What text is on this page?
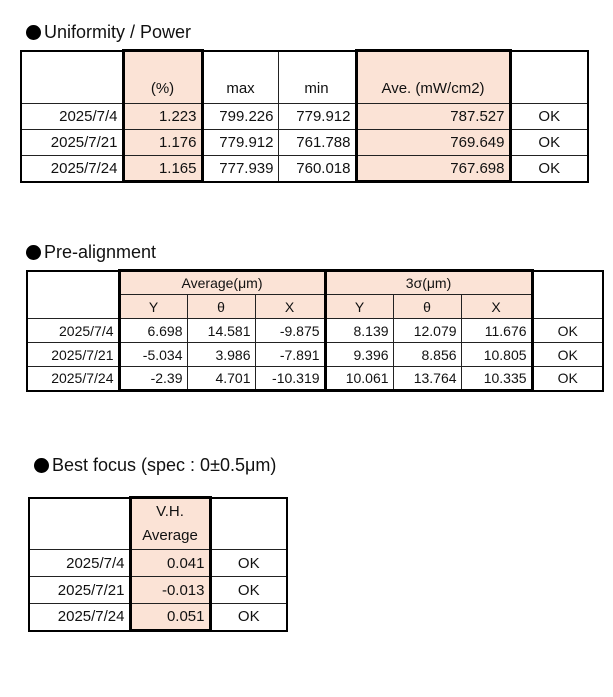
Uniformity / Power
	(%)	max	min	Ave. (mW/cm2)	
2025/7/4	1.223	799.226	779.912	787.527	OK
2025/7/21	1.176	779.912	761.788	769.649	OK
2025/7/24	1.165	777.939	760.018	767.698	OK
Pre-alignment
	Average(μm)			3σ(μm)			
	Y	θ	X	Y	θ	X	
2025/7/4	6.698	14.581	-9.875	8.139	12.079	11.676	OK
2025/7/21	-5.034	3.986	-7.891	9.396	8.856	10.805	OK
2025/7/24	-2.39	4.701	-10.319	10.061	13.764	10.335	OK
Best focus (spec : 0±0.5μm)

	V.H.
Average	

2025/7/4	0.041	OK
2025/7/21	-0.013	OK
2025/7/24	0.051	OK
